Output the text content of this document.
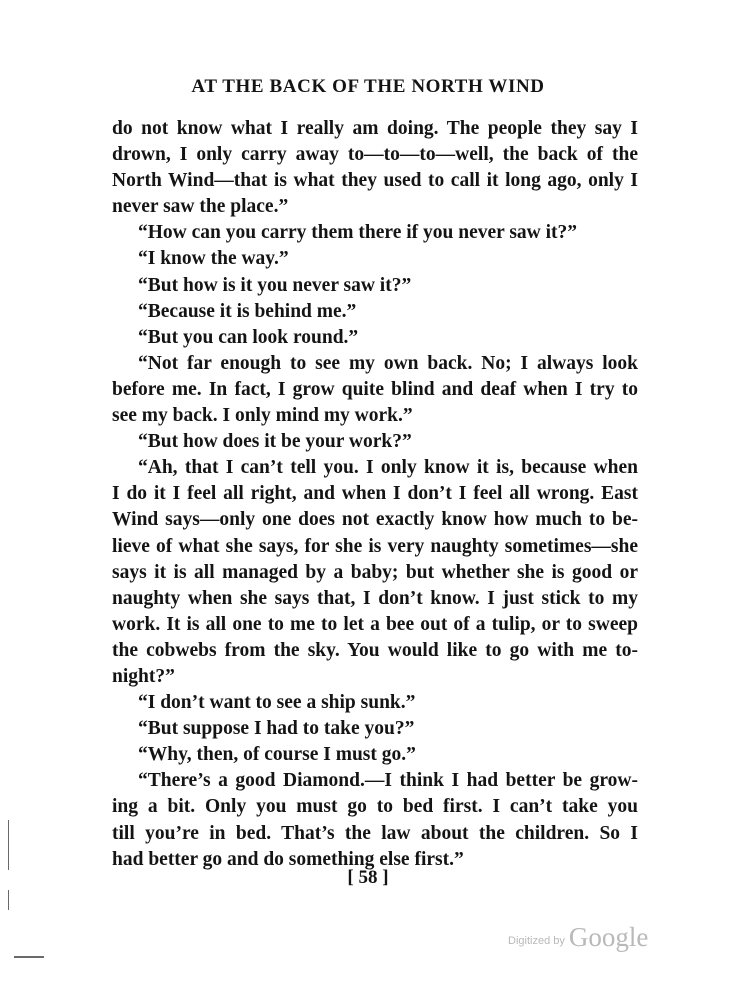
AT THE BACK OF THE NORTH WIND
do not know what I really am doing. The people they say I
drown, I only carry away to—to—to—well, the back of the
North Wind—that is what they used to call it long ago, only I
never saw the place.”
“How can you carry them there if you never saw it?”
“I know the way.”
“But how is it you never saw it?”
“Because it is behind me.”
“But you can look round.”
“Not far enough to see my own back. No; I always look
before me. In fact, I grow quite blind and deaf when I try to
see my back. I only mind my work.”
“But how does it be your work?”
“Ah, that I can’t tell you. I only know it is, because when
I do it I feel all right, and when I don’t I feel all wrong. East
Wind says—only one does not exactly know how much to be-
lieve of what she says, for she is very naughty sometimes—she
says it is all managed by a baby; but whether she is good or
naughty when she says that, I don’t know. I just stick to my
work. It is all one to me to let a bee out of a tulip, or to sweep
the cobwebs from the sky. You would like to go with me to-
night?”
“I don’t want to see a ship sunk.”
“But suppose I had to take you?”
“Why, then, of course I must go.”
“There’s a good Diamond.—I think I had better be grow-
ing a bit. Only you must go to bed first. I can’t take you
till you’re in bed. That’s the law about the children. So I
had better go and do something else first.”
[ 58 ]
Digitized by Google
